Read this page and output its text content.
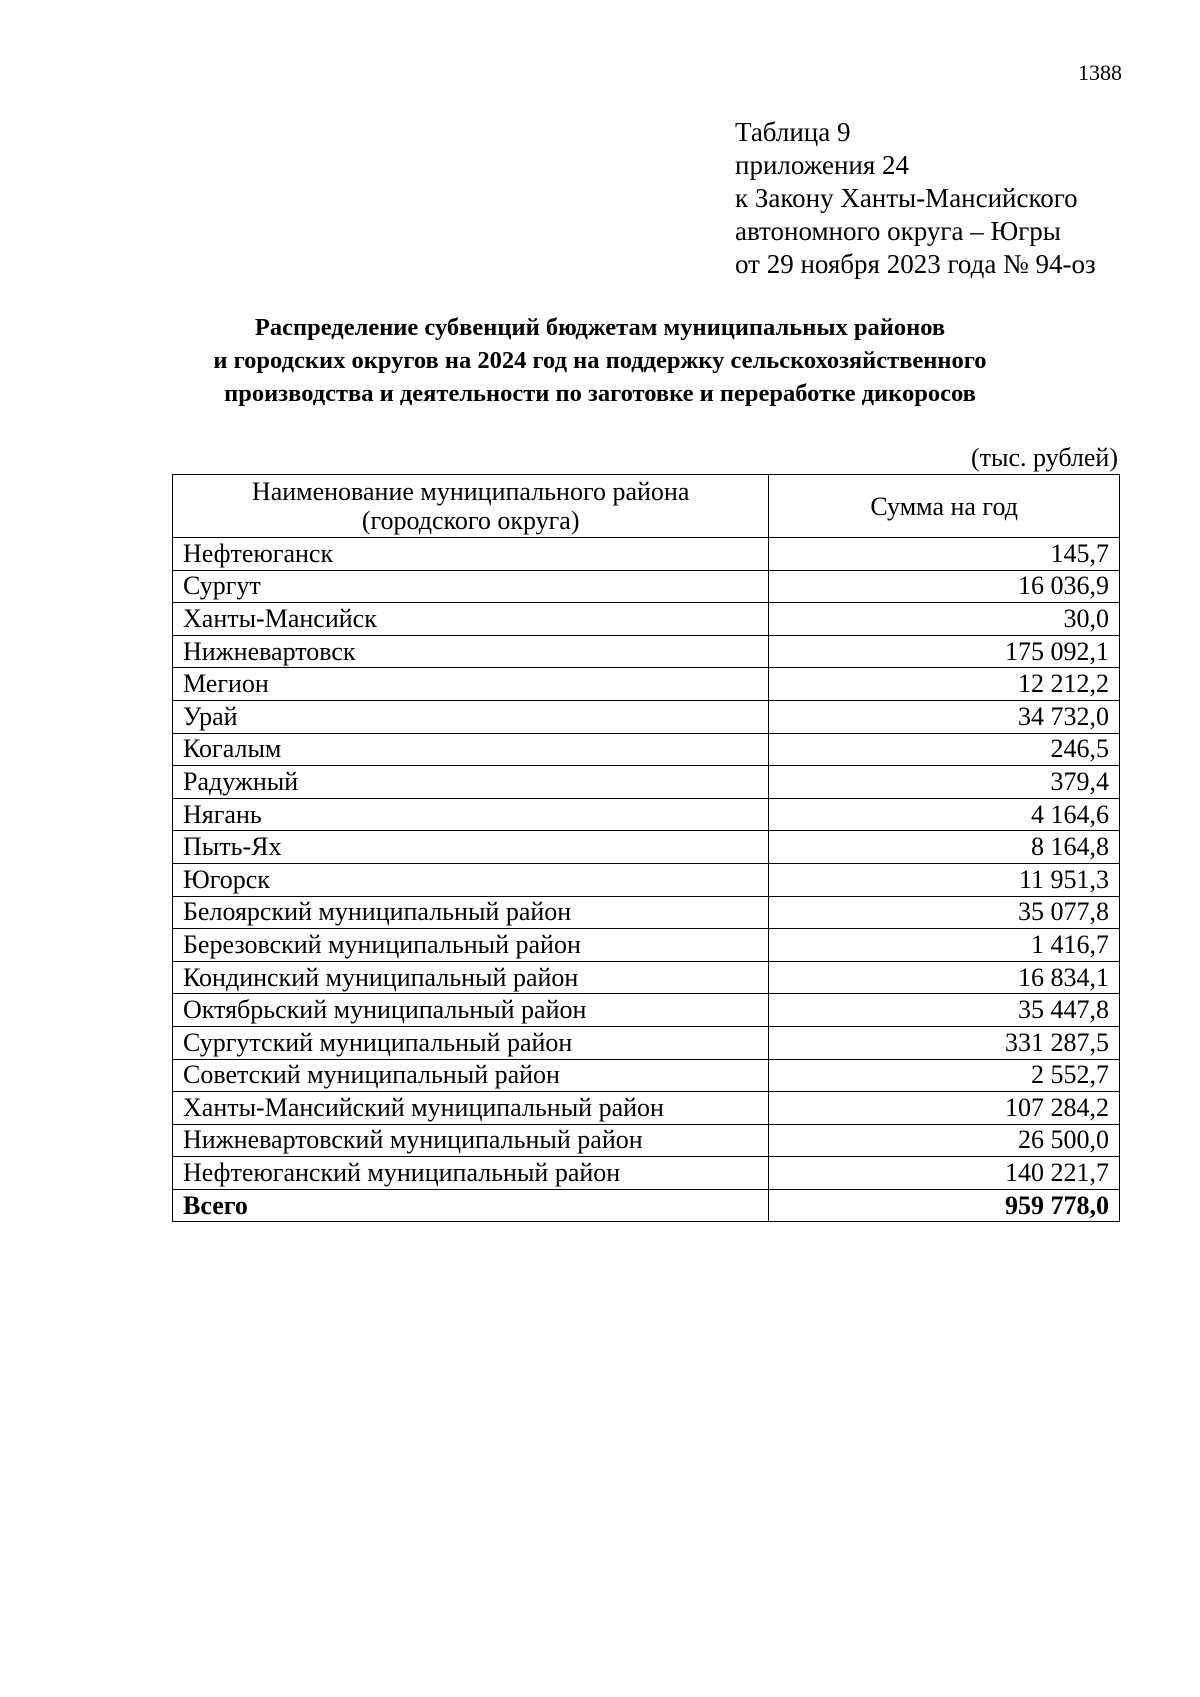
1388
Таблица 9
приложения 24
к Закону Ханты-Мансийского
автономного округа – Югры
от 29 ноября 2023 года № 94-оз
Распределение субвенций бюджетам муниципальных районов
и городских округов на 2024 год на поддержку сельскохозяйственного
производства и деятельности по заготовке и переработке дикоросов
(тыс. рублей)
Наименование муниципального района
(городского округа)	Сумма на год
Нефтеюганск	145,7
Сургут	16 036,9
Ханты-Мансийск	30,0
Нижневартовск	175 092,1
Мегион	12 212,2
Урай	34 732,0
Когалым	246,5
Радужный	379,4
Нягань	4 164,6
Пыть-Ях	8 164,8
Югорск	11 951,3
Белоярский муниципальный район	35 077,8
Березовский муниципальный район	1 416,7
Кондинский муниципальный район	16 834,1
Октябрьский муниципальный район	35 447,8
Сургутский муниципальный район	331 287,5
Советский муниципальный район	2 552,7
Ханты-Мансийский муниципальный район	107 284,2
Нижневартовский муниципальный район	26 500,0
Нефтеюганский муниципальный район	140 221,7
Всего	959 778,0
